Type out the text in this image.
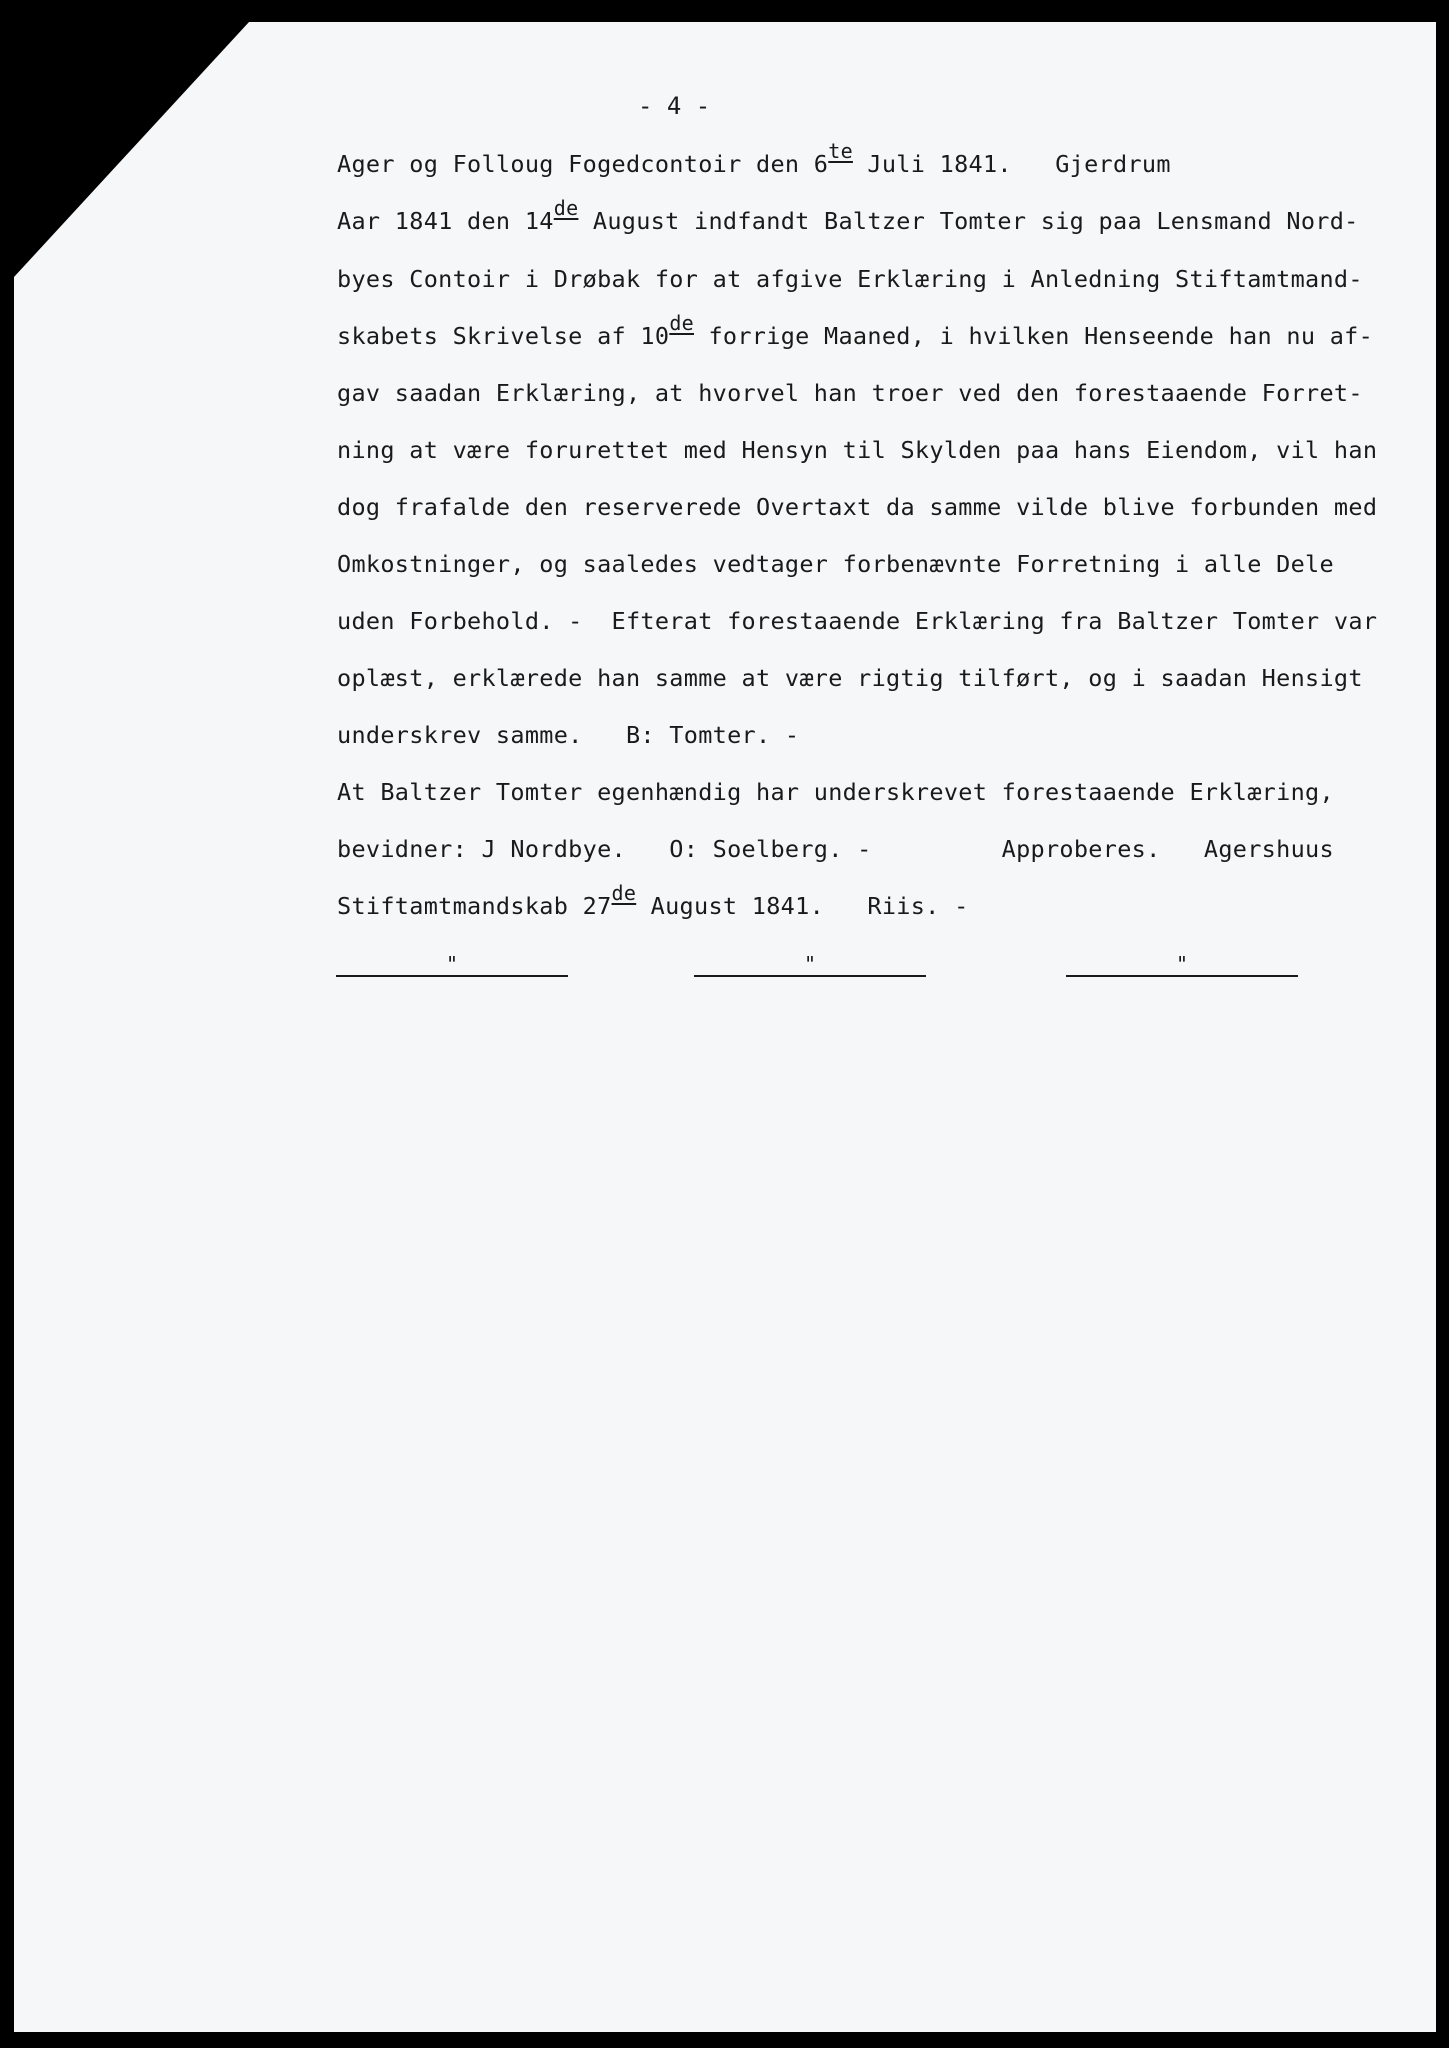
- 4 -
Ager og Folloug Fogedcontoir den 6te Juli 1841.   Gjerdrum
Aar 1841 den 14de August indfandt Baltzer Tomter sig paa Lensmand Nord-
byes Contoir i Drøbak for at afgive Erklæring i Anledning Stiftamtmand-
skabets Skrivelse af 10de forrige Maaned, i hvilken Henseende han nu af-
gav saadan Erklæring, at hvorvel han troer ved den forestaaende Forret-
ning at være forurettet med Hensyn til Skylden paa hans Eiendom, vil han
dog frafalde den reserverede Overtaxt da samme vilde blive forbunden med
Omkostninger, og saaledes vedtager forbenævnte Forretning i alle Dele
uden Forbehold. -  Efterat forestaaende Erklæring fra Baltzer Tomter var
oplæst, erklærede han samme at være rigtig tilført, og i saadan Hensigt
underskrev samme.   B: Tomter. -
At Baltzer Tomter egenhændig har underskrevet forestaaende Erklæring,
bevidner: J Nordbye.   O: Soelberg. -         Approberes.   Agershuus
Stiftamtmandskab 27de August 1841.   Riis. -
"	"	"
